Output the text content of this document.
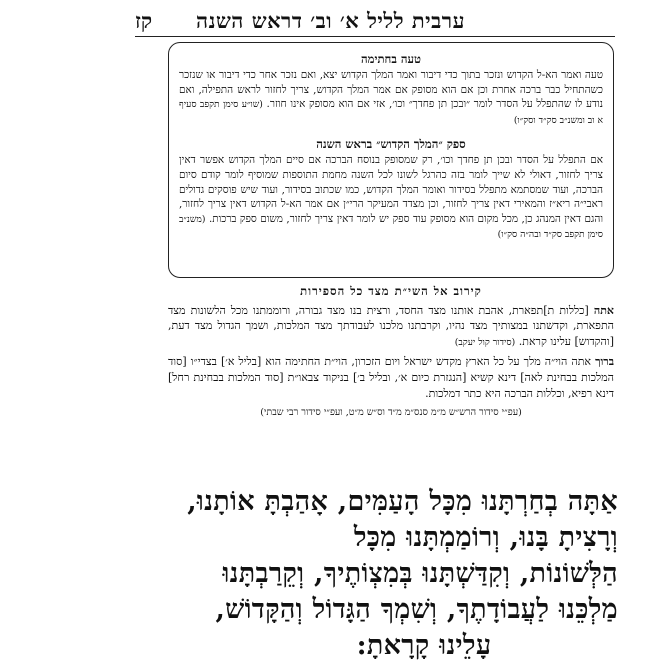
ערבית לליל א׳ וב׳ דראש השנה
קז
טעה בחתימה

טעה ואמר הא-ל הקדוש ונזכר בתוך כדי דיבור ואמר המלך הקדוש יצא, ואם נזכר אחר כדי דיבור או שנזכר כשהתחיל כבר ברכה אחרת וכן אם הוא מסופק אם אמר המלך הקדוש, צריך לחזור לראש התפילה, ואם נודע לו שהתפלל על הסדר לומר ״ובכן תן פחדך״ וכו׳, אזי אם הוא מסופק אינו חוזר. (שו״ע סימן תקפב סעיף א וב ומשנ״ב סק״ד וסק״ו)

ספק ״המלך הקדוש״ בראש השנה

אם התפלל על הסדר ובכן תן פחדך וכו׳, רק שמסופק בנוסח הברכה אם סיים המלך הקדוש אפשר דאין צריך לחזור, דאולי לא שייך לומר בזה כהרגל לשונו לכל השנה מחמת התוספות שמוסיף לומר קודם סיום הברכה, ועוד שמסתמא מתפלל בסידור ואומר המלך הקדוש, כמו שכתוב בסידור, ועוד שיש פוסקים גדולים ראבי״ה ריא״ז והמאירי דאין צריך לחזור, וכן מצדד המעיקר הרי״ן אם אמר הא-ל הקדוש דאין צריך לחזור, והגם דאין המנהג כן, מכל מקום הוא מסופק עוד ספק יש לומר דאין צריך לחזור, משום ספק ברכות. (משנ״ב סימן תקפב סק״ד ובה״ה סק״ו)

קירוב אל השי״ת מצד כל הספירות

אתה [כללות ת]תפארת, אהבת אותנו מצד החסד, ורצית בנו מצד גבורה, ורוממתנו מכל הלשונות מצד התפארת, וקדשתנו במצותיך מצד נהיו, וקרבתנו מלכנו לעבודתך מצד המלכות, ושמך הגדול מצד דעת, [והקדוש] עלינו קראת. (סידור קול יעקב)

ברוך אתה הוי״ה מלך על כל הארץ מקדש ישראל ויום הזכרון, הוי״ת החתימה הוא [בליל א׳] בצדי״ו [סוד המלכות בבחינת לאה] דינא קשיא [הנגזרת כיום א׳, ובליל ב׳] בניקוד צבאו״ת [סוד המלכות בבחינת רחל] דינא רפיא, וכללות הברכה היא כתר דמלכות.

(עפ״י סידור הרש״ש מ״מ סנס״מ מ״ד וס״ש מ״ט, ועפ״י סידור רבי שבתי)
אַתָּה בְחַרְתָּנוּ מִכָּל הָעַמִּים, אָהַבְתָּ אוֹתָנוּ,
וְרָצִיתָ בָּנוּ, וְרוֹמַמְתָּנוּ מִכָּל
הַלְּשׁוֹנוֹת, וְקִדַּשְׁתָּנוּ בְּמִצְוֹתֶיךָ, וְקֵרַבְתָּנוּ
מַלְכֵּנוּ לַעֲבוֹדָתֶךָ, וְשִׁמְךָ הַגָּדוֹל וְהַקָּדוֹשׁ,
עָלֵינוּ קָרָאתָ:
